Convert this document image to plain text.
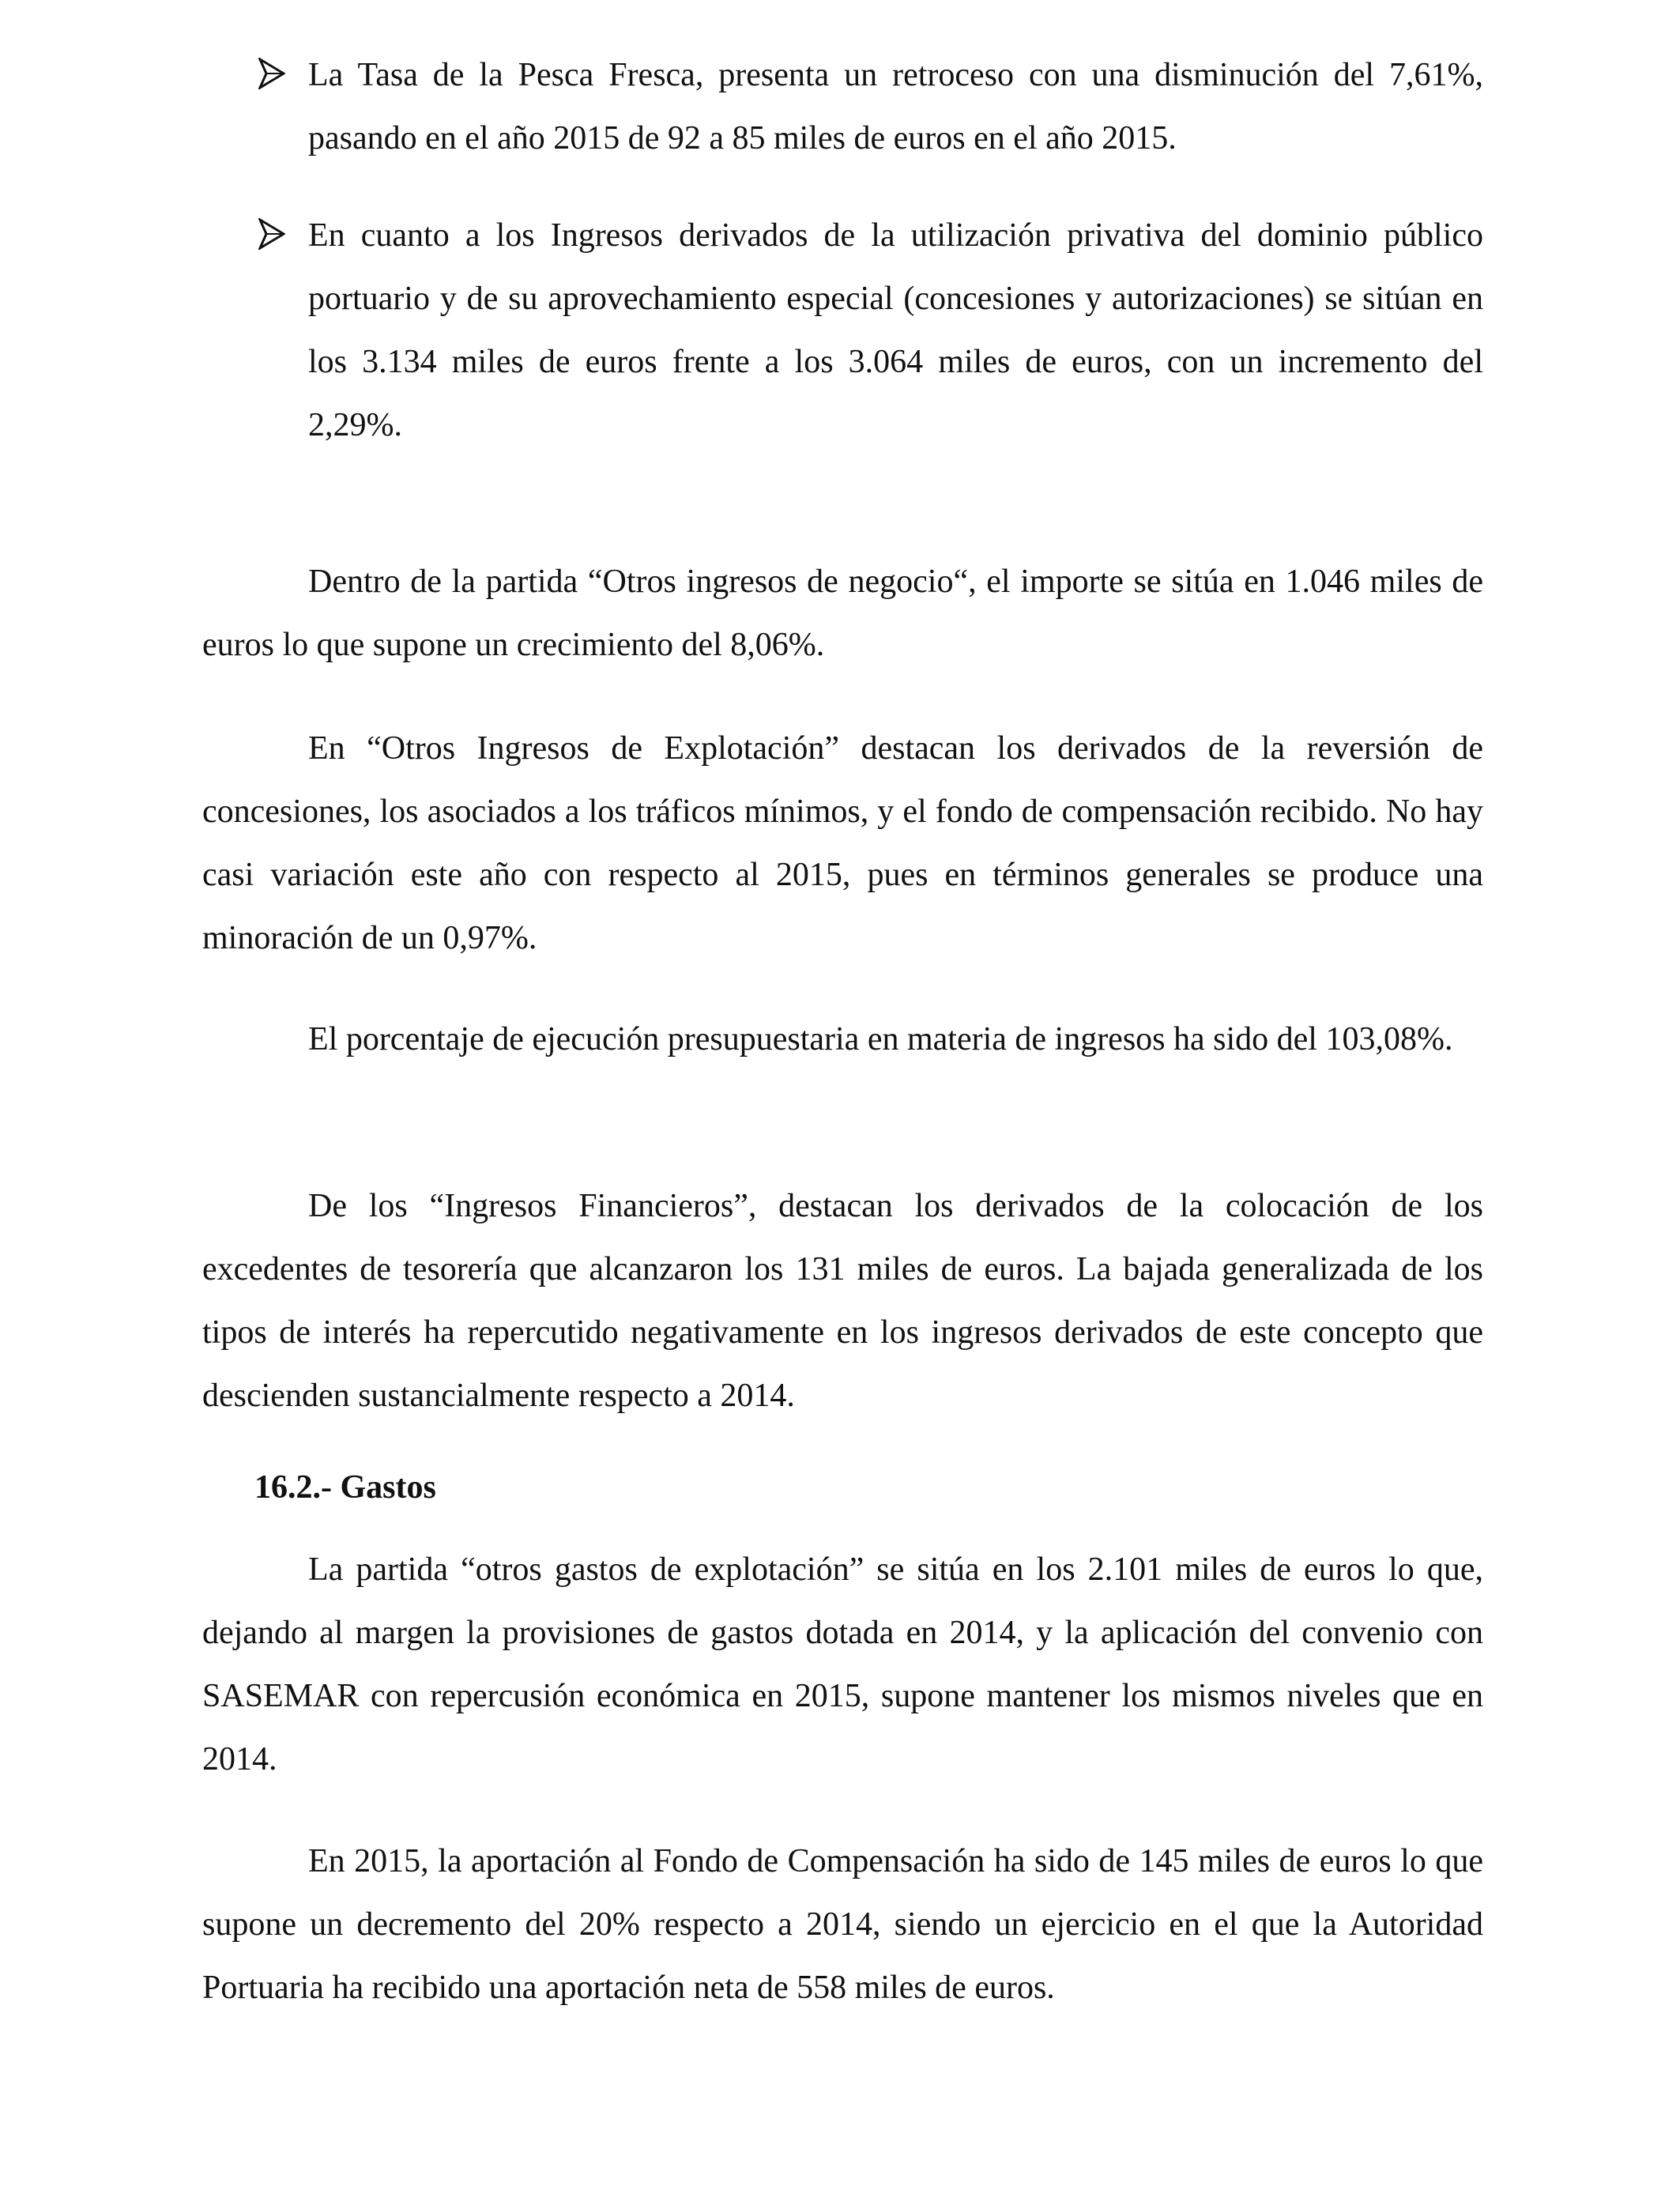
La Tasa de la Pesca Fresca, presenta un retroceso con una disminución del 7,61%, pasando en el año 2015 de 92 a 85 miles de euros en el año 2015.

En cuanto a los Ingresos derivados de la utilización privativa del dominio público portuario y de su aprovechamiento especial (concesiones y autorizaciones) se sitúan en los 3.134 miles de euros frente a los 3.064 miles de euros, con un incremento del 2,29%.

Dentro de la partida “Otros ingresos de negocio“, el importe se sitúa en 1.046 miles de euros lo que supone un crecimiento del 8,06%.

En “Otros Ingresos de Explotación” destacan los derivados de la reversión de concesiones, los asociados a los tráficos mínimos, y el fondo de compensación recibido. No hay casi variación este año con respecto al 2015, pues en términos generales se produce una minoración de un 0,97%.

El porcentaje de ejecución presupuestaria en materia de ingresos ha sido del 103,08%.

De los “Ingresos Financieros”, destacan los derivados de la colocación de los excedentes de tesorería que alcanzaron los 131 miles de euros. La bajada generalizada de los tipos de interés ha repercutido negativamente en los ingresos derivados de este concepto que descienden sustancialmente respecto a 2014.

16.2.- Gastos

La partida “otros gastos de explotación” se sitúa en los 2.101 miles de euros lo que, dejando al margen la provisiones de gastos dotada en 2014, y la aplicación del convenio con SASEMAR con repercusión económica en 2015, supone mantener los mismos niveles que en 2014.

En 2015, la aportación al Fondo de Compensación ha sido de 145 miles de euros lo que supone un decremento del 20% respecto a 2014, siendo un ejercicio en el que la Autoridad Portuaria ha recibido una aportación neta de 558 miles de euros.
